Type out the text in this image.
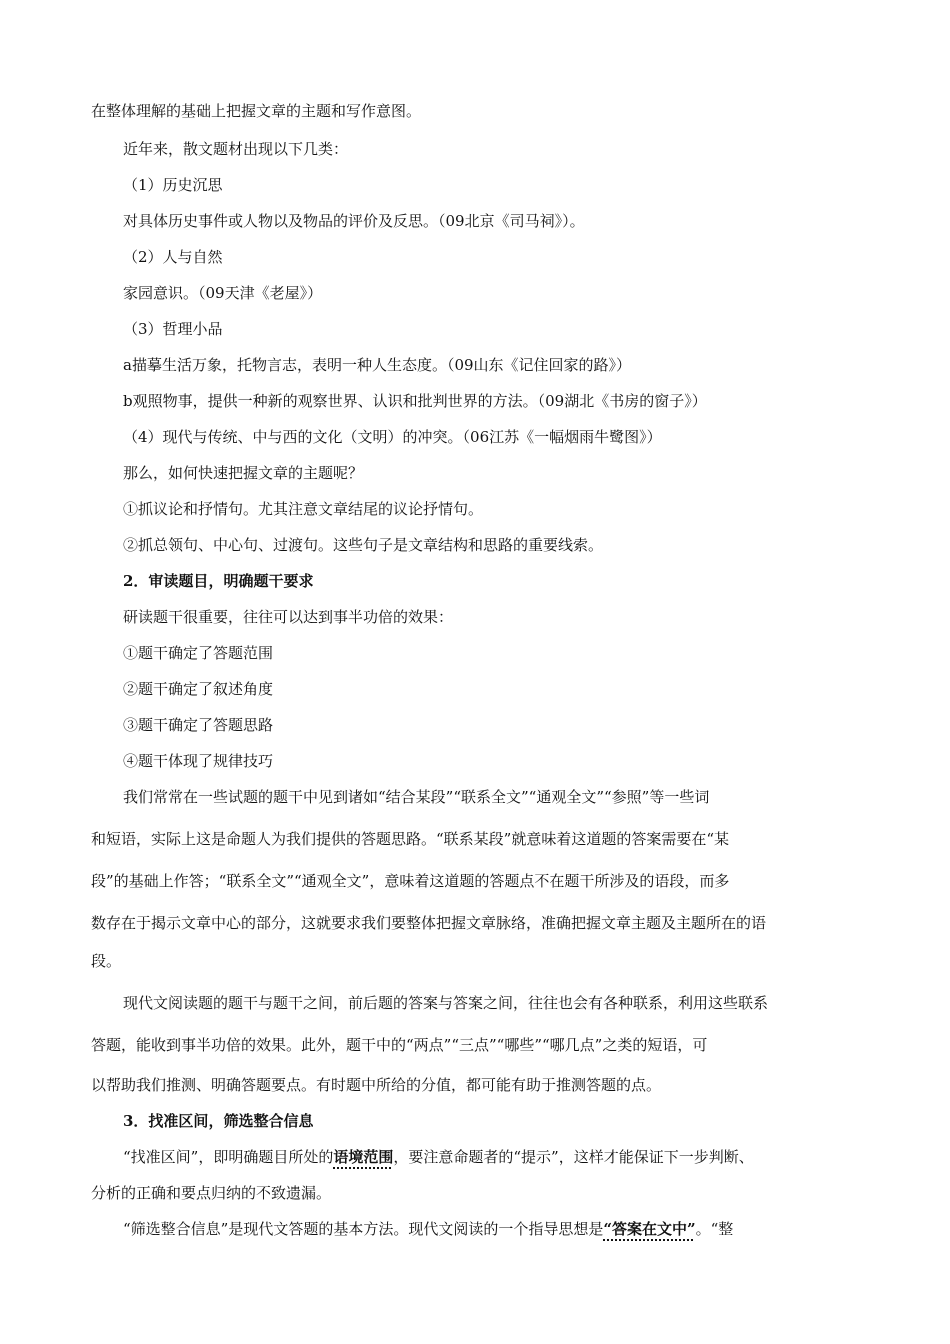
在整体理解的基础上把握文章的主题和写作意图。
近年来，散文题材出现以下几类：
（1）历史沉思
对具体历史事件或人物以及物品的评价及反思。（09北京《司马祠》）。
（2）人与自然
家园意识。（09天津《老屋》）
（3）哲理小品
a描摹生活万象，托物言志，表明一种人生态度。（09山东《记住回家的路》）
b观照物事，提供一种新的观察世界、认识和批判世界的方法。（09湖北《书房的窗子》）
（4）现代与传统、中与西的文化（文明）的冲突。（06江苏《一幅烟雨牛鹭图》）
那么，如何快速把握文章的主题呢？
①抓议论和抒情句。尤其注意文章结尾的议论抒情句。
②抓总领句、中心句、过渡句。这些句子是文章结构和思路的重要线索。
2．审读题目，明确题干要求
研读题干很重要，往往可以达到事半功倍的效果：
①题干确定了答题范围
②题干确定了叙述角度
③题干确定了答题思路
④题干体现了规律技巧
我们常常在一些试题的题干中见到诸如“结合某段”“联系全文”“通观全文”“参照”等一些词
和短语，实际上这是命题人为我们提供的答题思路。“联系某段”就意味着这道题的答案需要在“某
段”的基础上作答；“联系全文”“通观全文”，意味着这道题的答题点不在题干所涉及的语段，而多
数存在于揭示文章中心的部分，这就要求我们要整体把握文章脉络，准确把握文章主题及主题所在的语
段。
现代文阅读题的题干与题干之间，前后题的答案与答案之间，往往也会有各种联系，利用这些联系
答题，能收到事半功倍的效果。此外，题干中的“两点”“三点”“哪些”“哪几点”之类的短语，可
以帮助我们推测、明确答题要点。有时题中所给的分值，都可能有助于推测答题的点。
3．找准区间，筛选整合信息
“找准区间”，即明确题目所处的语境范围，要注意命题者的“提示”，这样才能保证下一步判断、
分析的正确和要点归纳的不致遗漏。
“筛选整合信息”是现代文答题的基本方法。现代文阅读的一个指导思想是“答案在文中”。“整
